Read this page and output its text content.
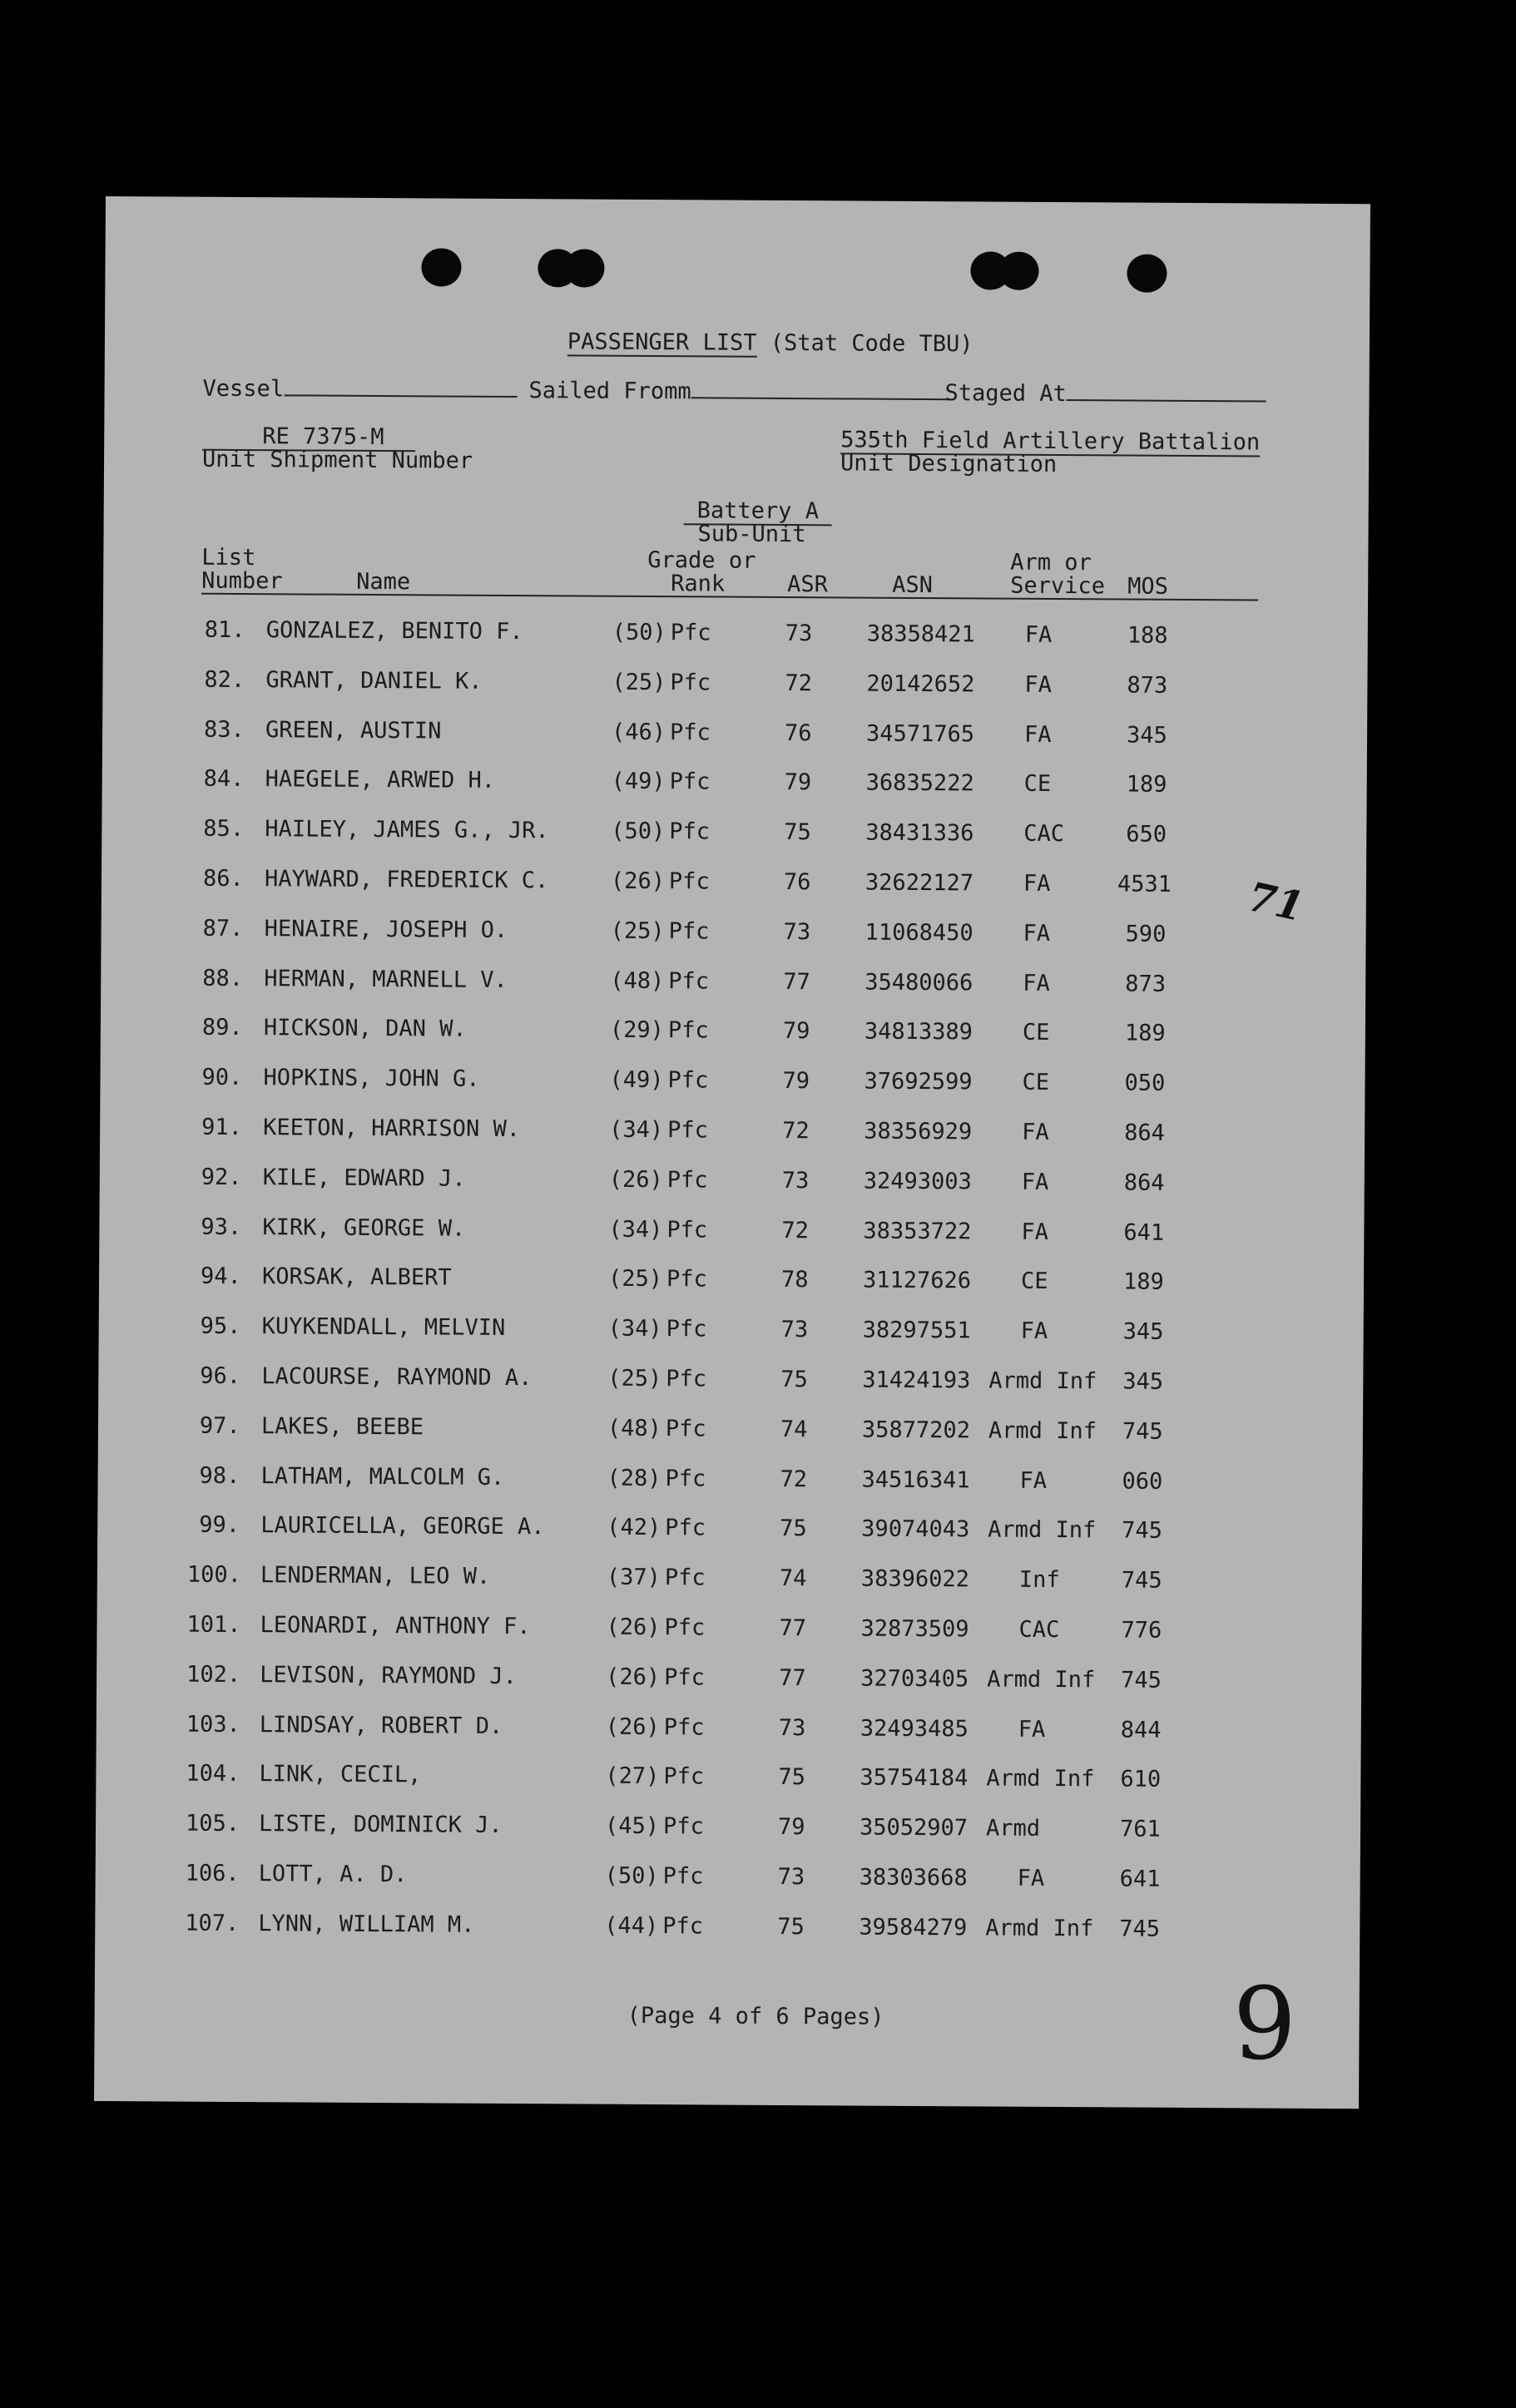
PASSENGER LIST (Stat Code TBU)
Vessel	Sailed Fromm	Staged At
RE 7375-M
Unit Shipment Number
535th Field Artillery Battalion
Unit Designation
Battery A
Sub-Unit
List
Number	Name
Grade or
Rank	ASR	ASN
Arm or
Service MOS
81. GONZALEZ, BENITO F.	(50) Pfc	73 38358421 FA	188
82. GRANT, DANIEL K.	(25) Pfc	72 20142652 FA	873
83. GREEN, AUSTIN	(46) Pfc	76 34571765 FA	345
84. HAEGELE, ARWED H.	(49) Pfc	79 36835222 CE	189
85. HAILEY, JAMES G., JR.	(50) Pfc	75 38431336 CAC	650
86. HAYWARD, FREDERICK C.	(26) Pfc	76 32622127 FA	4531
87. HENAIRE, JOSEPH O.	(25) Pfc	73 11068450 FA	590
88. HERMAN, MARNELL V.	(48) Pfc	77 35480066 FA	873
89. HICKSON, DAN W.	(29) Pfc	79 34813389 CE	189
90. HOPKINS, JOHN G.	(49) Pfc	79 37692599 CE	050
91. KEETON, HARRISON W.	(34) Pfc	72 38356929 FA	864
92. KILE, EDWARD J.	(26) Pfc	73 32493003 FA	864
93. KIRK, GEORGE W.	(34) Pfc	72 38353722 FA	641
94. KORSAK, ALBERT	(25) Pfc	78 31127626 CE	189
95. KUYKENDALL, MELVIN	(34) Pfc	73 38297551 FA	345
96. LACOURSE, RAYMOND A.	(25) Pfc	75 31424193 Armd Inf 345
97. LAKES, BEEBE	(48) Pfc	74 35877202 Armd Inf 745
98. LATHAM, MALCOLM G.	(28) Pfc	72 34516341 FA	060
99. LAURICELLA, GEORGE A.	(42) Pfc	75 39074043 Armd Inf 745
100. LENDERMAN, LEO W.	(37) Pfc	74 38396022 Inf	745
101. LEONARDI, ANTHONY F.	(26) Pfc	77 32873509 CAC	776
102. LEVISON, RAYMOND J.	(26) Pfc	77 32703405 Armd Inf 745
103. LINDSAY, ROBERT D.	(26) Pfc	73 32493485 FA	844
104. LINK, CECIL,	(27) Pfc	75 35754184 Armd Inf 610
105. LISTE, DOMINICK J.	(45) Pfc	79 35052907 Armd	761
106. LOTT, A. D.	(50) Pfc	73 38303668 FA	641
107. LYNN, WILLIAM M.	(44) Pfc	75 39584279 Armd Inf 745
(Page 4 of 6 Pages)
71
9
